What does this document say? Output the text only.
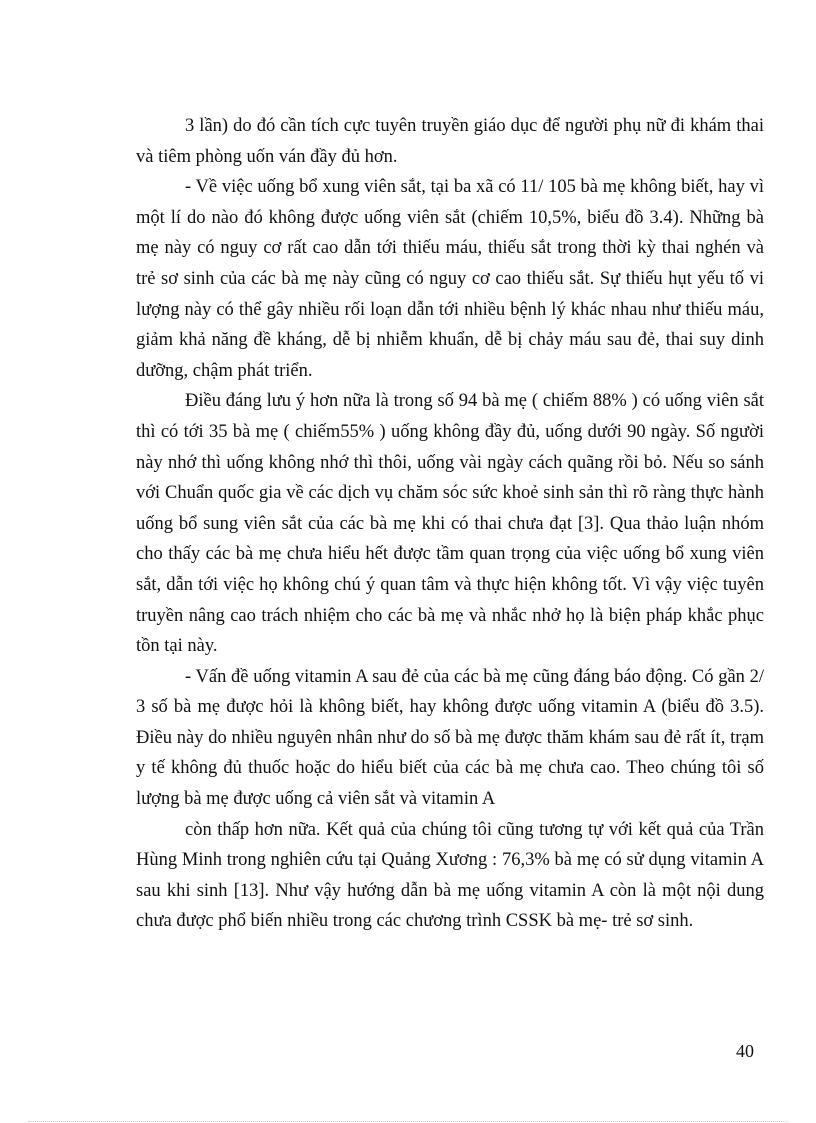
3 lần) do đó cần tích cực tuyên truyền giáo dục để người phụ nữ đi khám thai và tiêm phòng uốn ván đầy đủ hơn.

- Về việc uống bổ xung viên sắt, tại ba xã có 11/ 105 bà mẹ không biết, hay vì một lí do nào đó không được uống viên sắt (chiếm 10,5%, biểu đồ 3.4). Những bà mẹ này có nguy cơ rất cao dẫn tới thiếu máu, thiếu sắt trong thời kỳ thai nghén và trẻ sơ sinh của các bà mẹ này cũng có nguy cơ cao thiếu sắt. Sự thiếu hụt yếu tố vi lượng này có thể gây nhiều rối loạn dẫn tới nhiều bệnh lý khác nhau như thiếu máu, giảm khả năng đề kháng, dễ bị nhiễm khuẩn, dễ bị chảy máu sau đẻ, thai suy dinh dưỡng, chậm phát triển.

Điều đáng lưu ý hơn nữa là trong số 94 bà mẹ ( chiếm 88% ) có uống viên sắt thì có tới 35 bà mẹ ( chiếm55% ) uống không đầy đủ, uống dưới 90 ngày. Số người này nhớ thì uống không nhớ thì thôi, uống vài ngày cách quãng rồi bỏ. Nếu so sánh với Chuẩn quốc gia về các dịch vụ chăm sóc sức khoẻ sinh sản thì rõ ràng thực hành uống bổ sung viên sắt của các bà mẹ khi có thai chưa đạt [3]. Qua thảo luận nhóm cho thấy các bà mẹ chưa hiểu hết được tầm quan trọng của việc uống bổ xung viên sắt, dẫn tới việc họ không chú ý quan tâm và thực hiện không tốt. Vì vậy việc tuyên truyền nâng cao trách nhiệm cho các bà mẹ và nhắc nhở họ là biện pháp khắc phục tồn tại này.

- Vấn đề uống vitamin A sau đẻ của các bà mẹ cũng đáng báo động. Có gần 2/ 3 số bà mẹ được hỏi là không biết, hay không được uống vitamin A (biểu đồ 3.5). Điều này do nhiều nguyên nhân như do số bà mẹ được thăm khám sau đẻ rất ít, trạm y tế không đủ thuốc hoặc do hiểu biết của các bà mẹ chưa cao. Theo chúng tôi số lượng bà mẹ được uống cả viên sắt và vitamin A

còn thấp hơn nữa. Kết quả của chúng tôi cũng tương tự với kết quả của Trần Hùng Minh trong nghiên cứu tại Quảng Xương : 76,3% bà mẹ có sử dụng vitamin A sau khi sinh [13]. Như vậy hướng dẫn bà mẹ uống vitamin A còn là một nội dung chưa được phổ biến nhiều trong các chương trình CSSK bà mẹ- trẻ sơ sinh.

40
